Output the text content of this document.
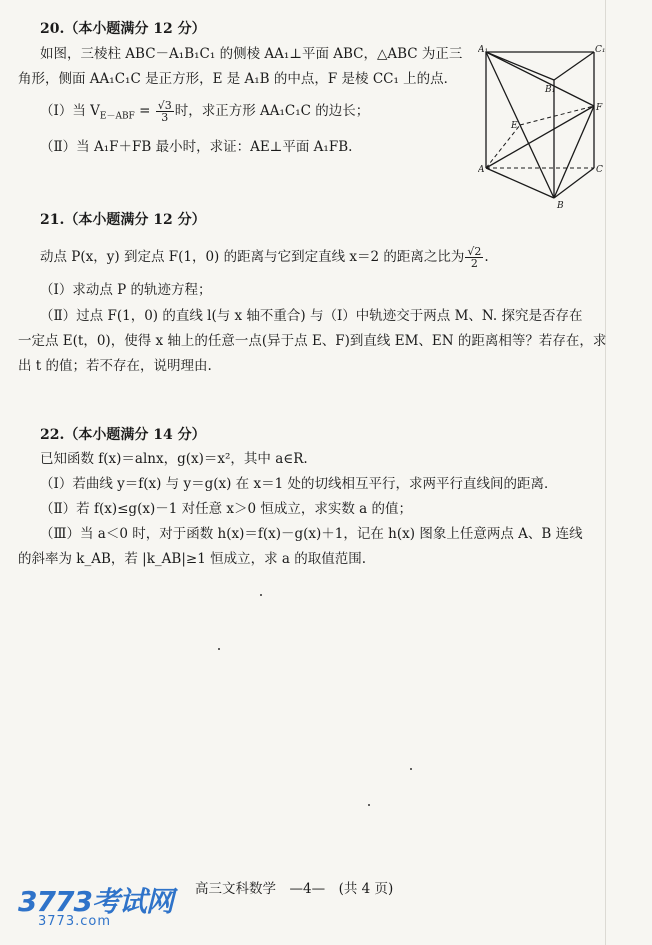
20.（本小题满分 12 分）
如图，三棱柱 ABC－A₁B₁C₁ 的侧棱 AA₁⊥平面 ABC，△ABC 为正三
角形，侧面 AA₁C₁C 是正方形，E 是 A₁B 的中点，F 是棱 CC₁ 上的点．
（Ⅰ）当 $V_{E-ABF} = \frac{√3}{3}$ 时，求正方形 AA₁C₁C 的边长；
（Ⅱ）当 A₁F＋FB 最小时，求证：AE⊥平面 A₁FB.
A₁	C₁
B₁
F
E
A	C
B
21.（本小题满分 12 分）
动点 P(x，y) 到定点 F(1，0) 的距离与它到定直线 x＝2 的距离之比为 $\frac{√2}{2}$ .
（Ⅰ）求动点 P 的轨迹方程；
（Ⅱ）过点 F(1，0) 的直线 l(与 x 轴不重合) 与（Ⅰ）中轨迹交于两点 M、N. 探究是否存在
一定点 E(t，0)，使得 x 轴上的任意一点(异于点 E、F)到直线 EM、EN 的距离相等？若存在，求
出 t 的值；若不存在，说明理由.
22.（本小题满分 14 分）
已知函数 f(x)＝alnx，g(x)＝x²，其中 a∈R.
（Ⅰ）若曲线 y＝f(x) 与 y＝g(x) 在 x＝1 处的切线相互平行，求两平行直线间的距离．
（Ⅱ）若 f(x)≤g(x)－1 对任意 x＞0 恒成立，求实数 a 的值；
（Ⅲ）当 a＜0 时，对于函数 h(x)＝f(x)－g(x)＋1，记在 h(x) 图象上任意两点 A、B 连线
的斜率为 k_AB，若 |k_AB|≥1 恒成立，求 a 的取值范围.
3773考试网
3773.com
高三文科数学　—4—　(共 4 页)
